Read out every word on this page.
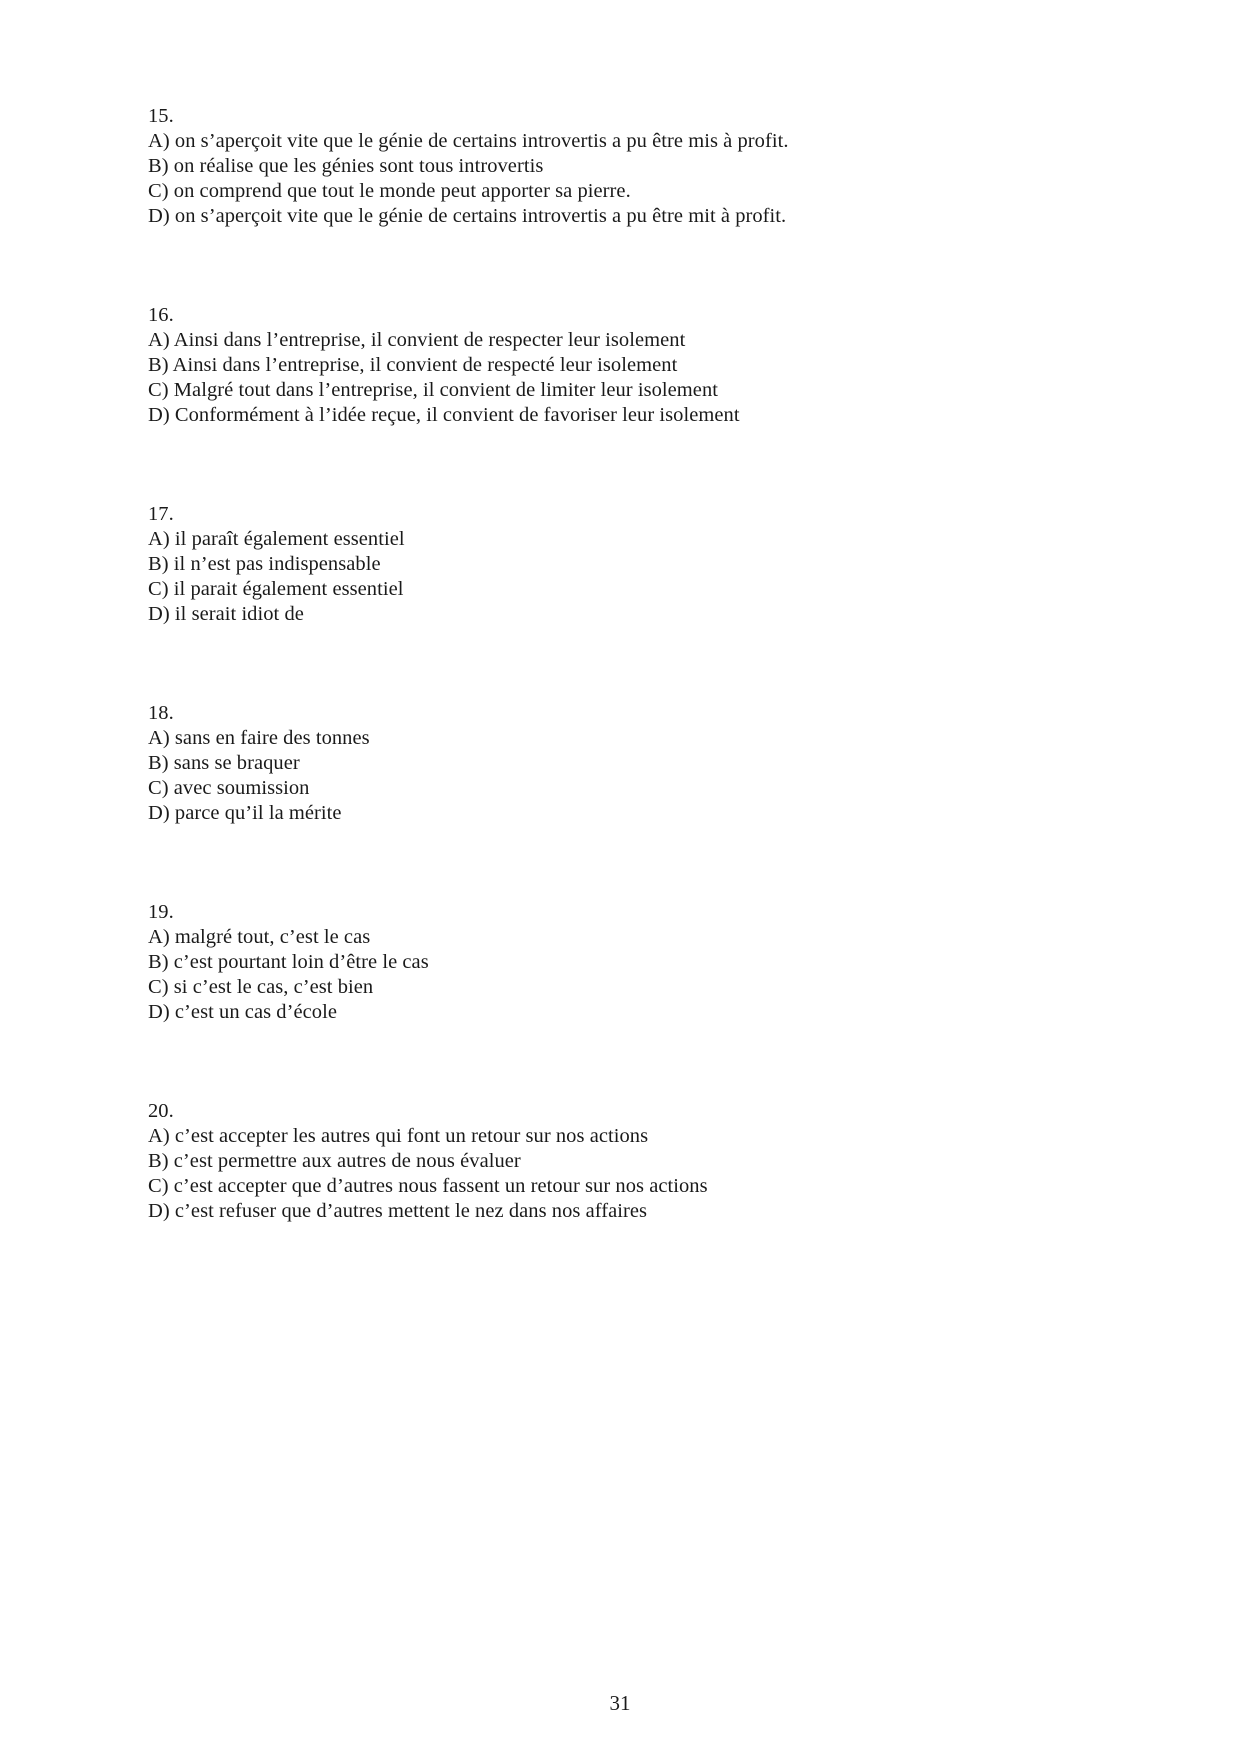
15.
A) on s’aperçoit vite que le génie de certains introvertis a pu être mis à profit.
B) on réalise que les génies sont tous introvertis
C) on comprend que tout le monde peut apporter sa pierre.
D) on s’aperçoit vite que le génie de certains introvertis a pu être mit à profit.
16.
A) Ainsi dans l’entreprise, il convient de respecter leur isolement
B) Ainsi dans l’entreprise, il convient de respecté leur isolement
C) Malgré tout dans l’entreprise, il convient de limiter leur isolement
D) Conformément à l’idée reçue, il convient de favoriser leur isolement
17.
A) il paraît également essentiel
B) il n’est pas indispensable
C) il parait également essentiel
D) il serait idiot de
18.
A) sans en faire des tonnes
B) sans se braquer
C) avec soumission
D) parce qu’il la mérite
19.
A) malgré tout, c’est le cas
B) c’est pourtant loin d’être le cas
C) si c’est le cas, c’est bien
D) c’est un cas d’école
20.
A) c’est accepter les autres qui font un retour sur nos actions
B) c’est permettre aux autres de nous évaluer
C) c’est accepter que d’autres nous fassent un retour sur nos actions
D) c’est refuser que d’autres mettent le nez dans nos affaires
31
